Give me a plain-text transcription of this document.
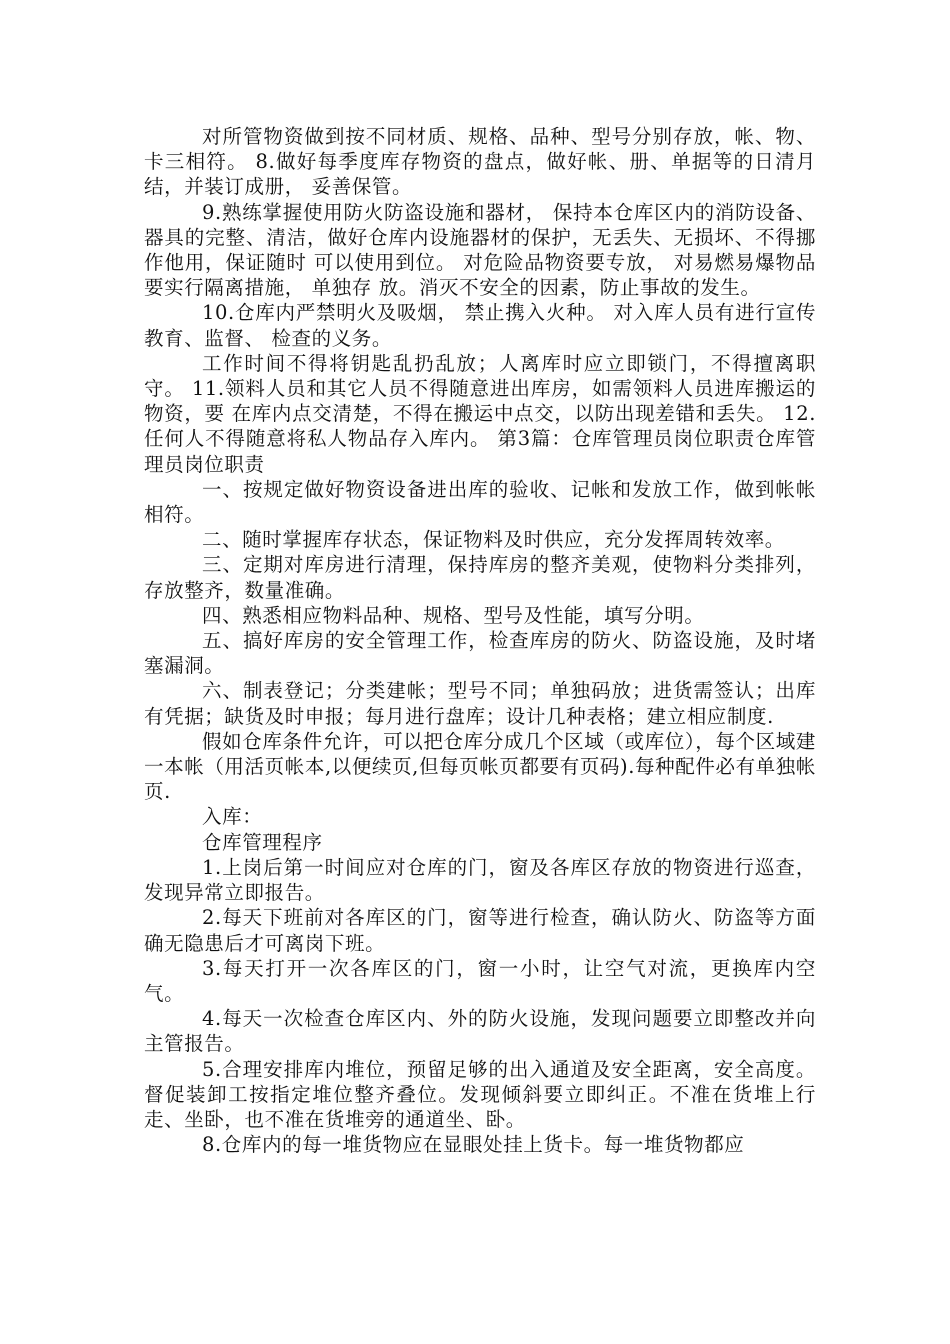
对所管物资做到按不同材质、规格、品种、型号分别存放，帐、物、卡三相符。 8.做好每季度库存物资的盘点，做好帐、册、单据等的日清月结，并装订成册， 妥善保管。

9.熟练掌握使用防火防盗设施和器材， 保持本仓库区内的消防设备、器具的完整、清洁，做好仓库内设施器材的保护，无丢失、无损坏、不得挪作他用，保证随时 可以使用到位。 对危险品物资要专放， 对易燃易爆物品要实行隔离措施， 单独存 放。消灭不安全的因素，防止事故的发生。

10.仓库内严禁明火及吸烟， 禁止携入火种。 对入库人员有进行宣传教育、监督、 检查的义务。

工作时间不得将钥匙乱扔乱放；人离库时应立即锁门，不得擅离职守。 11.领料人员和其它人员不得随意进出库房，如需领料人员进库搬运的物资，要 在库内点交清楚，不得在搬运中点交，以防出现差错和丢失。 12.任何人不得随意将私人物品存入库内。 第3篇：仓库管理员岗位职责仓库管理员岗位职责

一、按规定做好物资设备进出库的验收、记帐和发放工作，做到帐帐相符。

二、随时掌握库存状态，保证物料及时供应，充分发挥周转效率。

三、定期对库房进行清理，保持库房的整齐美观，使物料分类排列，存放整齐，数量准确。

四、熟悉相应物料品种、规格、型号及性能，填写分明。

五、搞好库房的安全管理工作，检查库房的防火、防盗设施，及时堵塞漏洞。

六、制表登记；分类建帐；型号不同；单独码放；进货需签认；出库有凭据；缺货及时申报；每月进行盘库；设计几种表格；建立相应制度.

假如仓库条件允许，可以把仓库分成几个区域（或库位），每个区域建一本帐（用活页帐本,以便续页,但每页帐页都要有页码).每种配件必有单独帐页.

入库：

仓库管理程序

1.上岗后第一时间应对仓库的门，窗及各库区存放的物资进行巡查，发现异常立即报告。

2.每天下班前对各库区的门，窗等进行检查，确认防火、防盗等方面确无隐患后才可离岗下班。

3.每天打开一次各库区的门，窗一小时，让空气对流，更换库内空气。

4.每天一次检查仓库区内、外的防火设施，发现问题要立即整改并向主管报告。

5.合理安排库内堆位，预留足够的出入通道及安全距离，安全高度。督促装卸工按指定堆位整齐叠位。发现倾斜要立即纠正。不准在货堆上行走、坐卧，也不准在货堆旁的通道坐、卧。

8.仓库内的每一堆货物应在显眼处挂上货卡。每一堆货物都应
